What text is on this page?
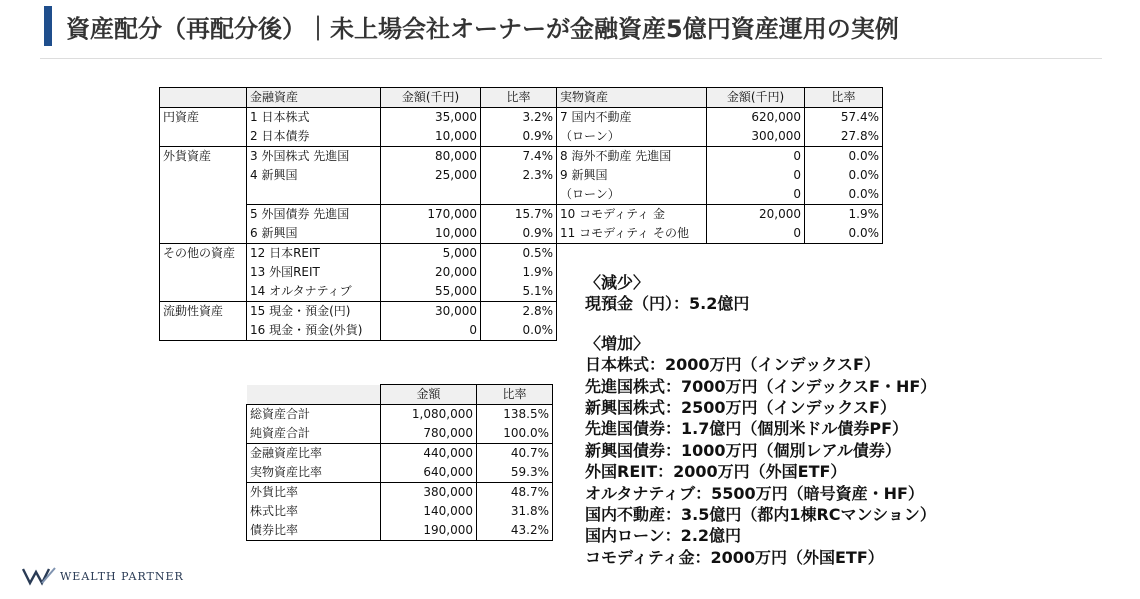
資産配分（再配分後）｜未上場会社オーナーが金融資産5億円資産運用の実例
	金融資産	金額(千円)	比率	実物資産	金額(千円)	比率
円資産	1 日本株式	35,000	3.2%	7 国内不動産	620,000	57.4%
	2 日本債券	10,000	0.9%	（ローン）	300,000	27.8%
外貨資産	3 外国株式 先進国	80,000	7.4%	8 海外不動産 先進国	0	0.0%
	4 新興国	25,000	2.3%	9 新興国	0	0.0%
				（ローン）	0	0.0%
	5 外国債券 先進国	170,000	15.7%	10 コモディティ 金	20,000	1.9%
	6 新興国	10,000	0.9%	11 コモディティ その他	0	0.0%
その他の資産	12 日本REIT	5,000	0.5%			
	13 外国REIT	20,000	1.9%			
	14 オルタナティブ	55,000	5.1%			
流動性資産	15 現金・預金(円)	30,000	2.8%			
	16 現金・預金(外貨)	0	0.0%			
	金額	比率
総資産合計	1,080,000	138.5%
純資産合計	780,000	100.0%
金融資産比率	440,000	40.7%
実物資産比率	640,000	59.3%
外貨比率	380,000	48.7%
株式比率	140,000	31.8%
債券比率	190,000	43.2%
〈減少〉
現預金（円）：5.2億円
〈増加〉
日本株式：2000万円（インデックスF）
先進国株式：7000万円（インデックスF・HF）
新興国株式：2500万円（インデックスF）
先進国債券：1.7億円（個別米ドル債券PF）
新興国債券：1000万円（個別レアル債券）
外国REIT：2000万円（外国ETF）
オルタナティブ：5500万円（暗号資産・HF）
国内不動産：3.5億円（都内1棟RCマンション）
国内ローン：2.2億円
コモディティ金：2000万円（外国ETF）
WEALTH PARTNER
